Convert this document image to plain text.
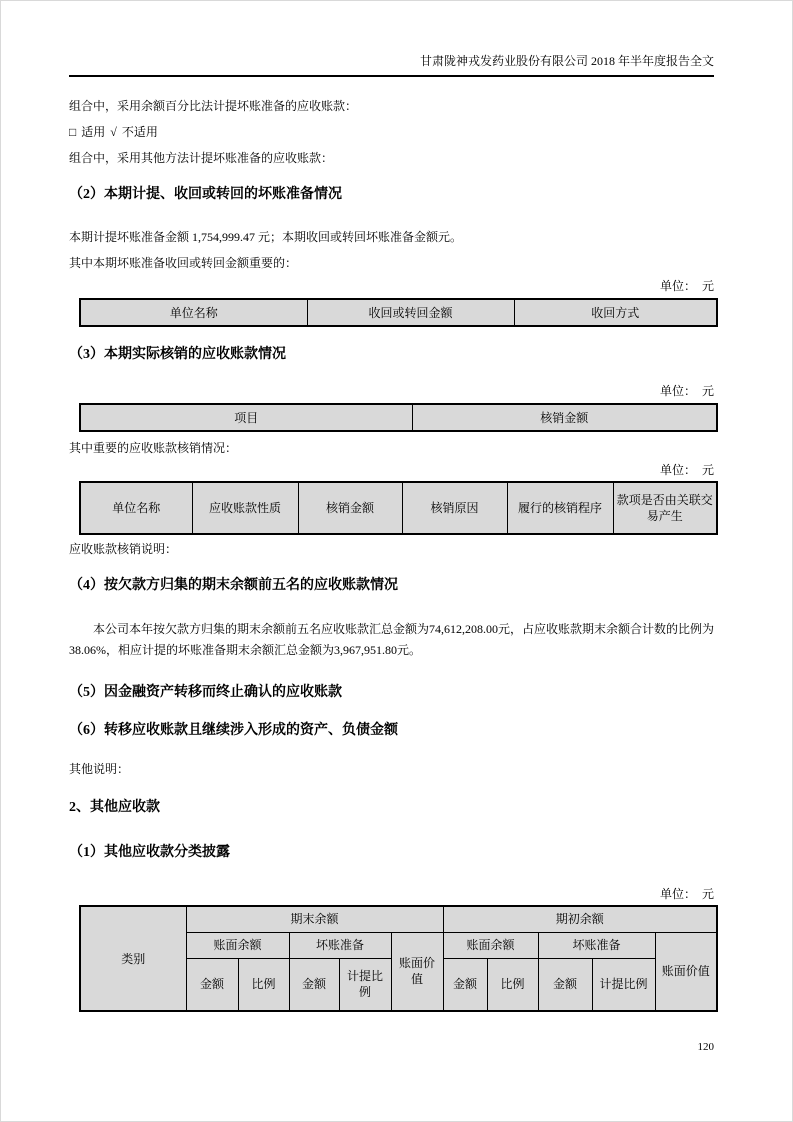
甘肃陇神戎发药业股份有限公司 2018 年半年度报告全文

组合中，采用余额百分比法计提坏账准备的应收账款：

□ 适用 √ 不适用

组合中，采用其他方法计提坏账准备的应收账款：

（2）本期计提、收回或转回的坏账准备情况

本期计提坏账准备金额 1,754,999.47 元；本期收回或转回坏账准备金额元。

其中本期坏账准备收回或转回金额重要的：

单位：　元

单位名称	收回或转回金额	收回方式
（3）本期实际核销的应收账款情况

单位：　元

项目	核销金额

其中重要的应收账款核销情况：

单位：　元

单位名称	应收账款性质	核销金额	核销原因	履行的核销程序	款项是否由关联交易产生

应收账款核销说明：

（4）按欠款方归集的期末余额前五名的应收账款情况

本公司本年按欠款方归集的期末余额前五名应收账款汇总金额为74,612,208.00元，占应收账款期末余额合计数的比例为38.06%，相应计提的坏账准备期末余额汇总金额为3,967,951.80元。

（5）因金融资产转移而终止确认的应收账款
（6）转移应收账款且继续涉入形成的资产、负债金额

其他说明：

2、其他应收款
（1）其他应收款分类披露

单位：　元

类别	期末余额					期初余额				
	账面余额		坏账准备		账面价值	账面余额		坏账准备		账面价值
	金额	比例	金额	计提比例		金额	比例	金额	计提比例	
120
